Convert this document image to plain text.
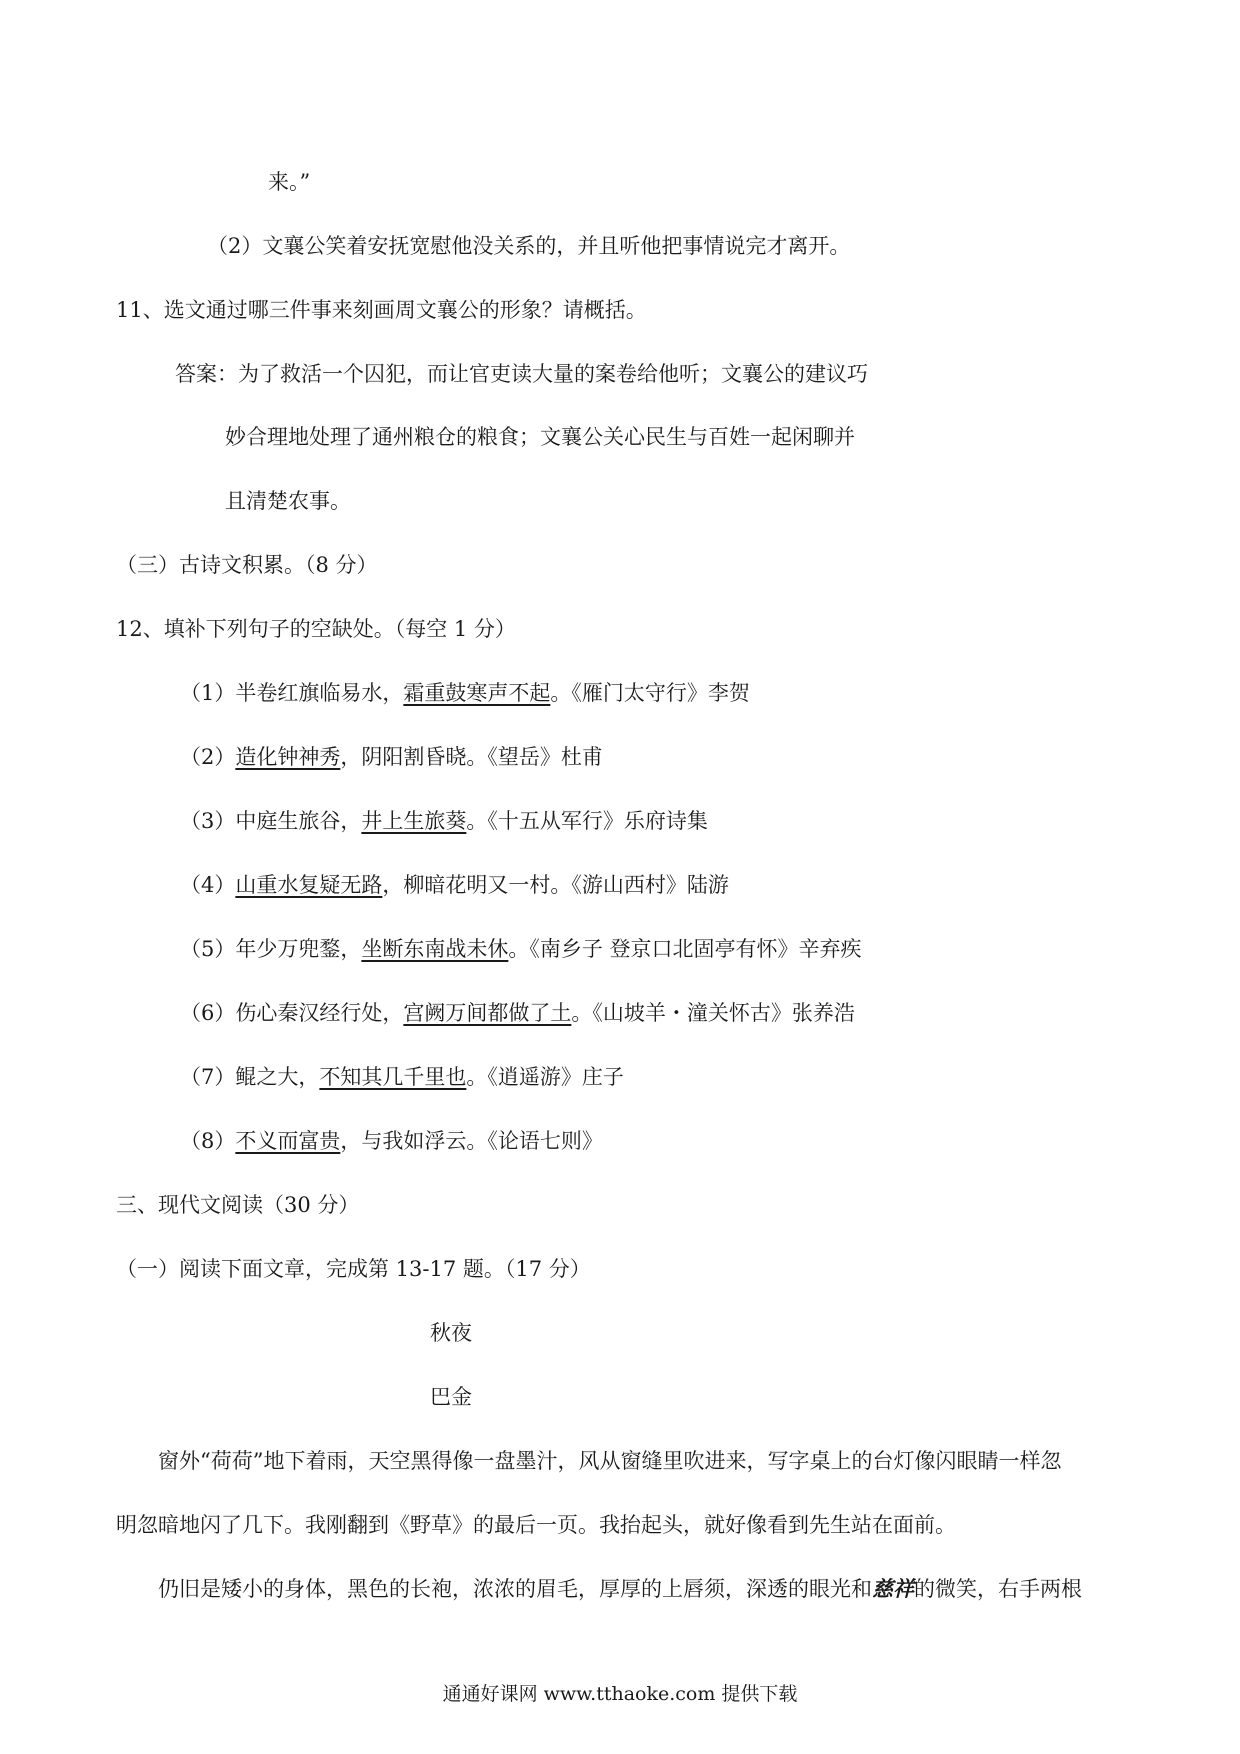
来。”
（2）文襄公笑着安抚宽慰他没关系的，并且听他把事情说完才离开。
11、选文通过哪三件事来刻画周文襄公的形象？请概括。
答案：为了救活一个囚犯，而让官吏读大量的案卷给他听；文襄公的建议巧
妙合理地处理了通州粮仓的粮食；文襄公关心民生与百姓一起闲聊并
且清楚农事。
（三）古诗文积累。（8 分）
12、填补下列句子的空缺处。（每空 1 分）
（1）半卷红旗临易水，霜重鼓寒声不起。《雁门太守行》李贺
（2）造化钟神秀，阴阳割昏晓。《望岳》杜甫
（3）中庭生旅谷，井上生旅葵。《十五从军行》乐府诗集
（4）山重水复疑无路，柳暗花明又一村。《游山西村》陆游
（5）年少万兜鍪，坐断东南战未休。《南乡子 登京口北固亭有怀》辛弃疾
（6）伤心秦汉经行处，宫阙万间都做了土。《山坡羊・潼关怀古》张养浩
（7）鲲之大，不知其几千里也。《逍遥游》庄子
（8）不义而富贵，与我如浮云。《论语七则》
三、现代文阅读（30 分）
（一）阅读下面文章，完成第 13-17 题。（17 分）
秋夜
巴金
窗外“荷荷”地下着雨，天空黑得像一盘墨汁，风从窗缝里吹进来，写字桌上的台灯像闪眼睛一样忽
明忽暗地闪了几下。我刚翻到《野草》的最后一页。我抬起头，就好像看到先生站在面前。
仍旧是矮小的身体，黑色的长袍，浓浓的眉毛，厚厚的上唇须，深透的眼光和慈祥的微笑，右手两根
通通好课网 www.tthaoke.com 提供下载
